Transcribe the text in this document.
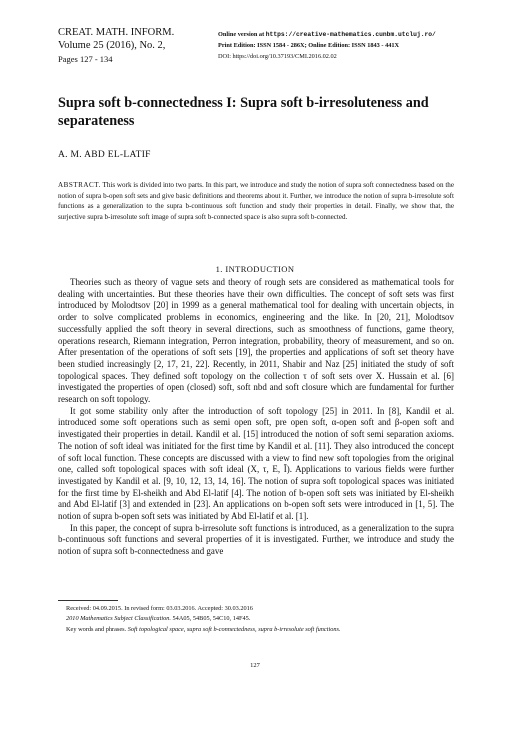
CREAT. MATH. INFORM.
Volume 25 (2016), No. 2,
Pages 127 - 134
Online version at https://creative-mathematics.cunbm.utcluj.ro/
Print Edition: ISSN 1584 - 286X; Online Edition: ISSN 1843 - 441X
DOI: https://doi.org/10.37193/CMI.2016.02.02
Supra soft b-connectedness I: Supra soft b-irresoluteness and separateness
A. M. ABD EL-LATIF
ABSTRACT. This work is divided into two parts. In this part, we introduce and study the notion of supra soft connectedness based on the notion of supra b-open soft sets and give basic definitions and theorems about it. Further, we introduce the notion of supra b-irresolute soft functions as a generalization to the supra b-continuous soft function and study their properties in detail. Finally, we show that, the surjective supra b-irresolute soft image of supra soft b-connected space is also supra soft b-connected.
1. INTRODUCTION

Theories such as theory of vague sets and theory of rough sets are considered as mathematical tools for dealing with uncertainties. But these theories have their own difficulties. The concept of soft sets was first introduced by Molodtsov [20] in 1999 as a general mathematical tool for dealing with uncertain objects, in order to solve complicated problems in economics, engineering and the like. In [20, 21], Molodtsov successfully applied the soft theory in several directions, such as smoothness of functions, game theory, operations research, Riemann integration, Perron integration, probability, theory of measurement, and so on. After presentation of the operations of soft sets [19], the properties and applications of soft set theory have been studied increasingly [2, 17, 21, 22]. Recently, in 2011, Shabir and Naz [25] initiated the study of soft topological spaces. They defined soft topology on the collection τ of soft sets over X. Hussain et al. [6] investigated the properties of open (closed) soft, soft nbd and soft closure which are fundamental for further research on soft topology.

It got some stability only after the introduction of soft topology [25] in 2011. In [8], Kandil et al. introduced some soft operations such as semi open soft, pre open soft, α-open soft and β-open soft and investigated their properties in detail. Kandil et al. [15] introduced the notion of soft semi separation axioms. The notion of soft ideal was initiated for the first time by Kandil et al. [11]. They also introduced the concept of soft local function. These concepts are discussed with a view to find new soft topologies from the original one, called soft topological spaces with soft ideal (X, τ, E, Ĩ). Applications to various fields were further investigated by Kandil et al. [9, 10, 12, 13, 14, 16]. The notion of supra soft topological spaces was initiated for the first time by El-sheikh and Abd El-latif [4]. The notion of b-open soft sets was initiated by El-sheikh and Abd El-latif [3] and extended in [23]. An applications on b-open soft sets were introduced in [1, 5]. The notion of supra b-open soft sets was initiated by Abd El-latif et al. [1].

In this paper, the concept of supra b-irresolute soft functions is introduced, as a generalization to the supra b-continuous soft functions and several properties of it is investigated. Further, we introduce and study the notion of supra soft b-connectedness and gave

Received: 04.09.2015. In revised form: 03.03.2016. Accepted: 30.03.2016
2010 Mathematics Subject Classification. 54A05, 54B05, 54C10, 14F45.
Key words and phrases. Soft topological space, supra soft b-connectedness, supra b-irresolute soft functions.
127
